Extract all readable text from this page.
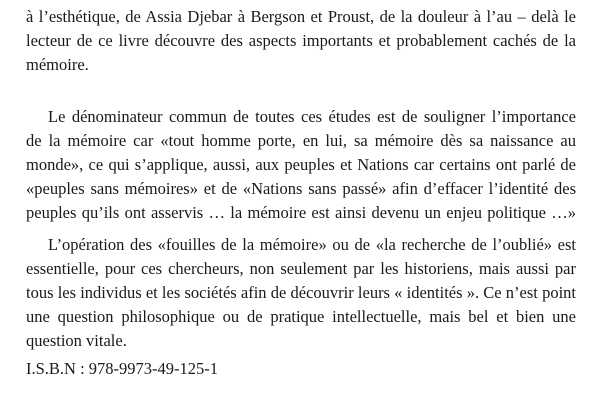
à l’esthétique, de Assia Djebar à Bergson et Proust, de la douleur à l’au – delà le
lecteur de ce livre découvre des aspects importants et probablement cachés de la
mémoire.
Le dénominateur commun de toutes ces études est de souligner l’importance
de la mémoire car «tout homme porte, en lui, sa mémoire dès sa naissance au
monde», ce qui s’applique, aussi, aux peuples et Nations car certains ont parlé de
«peuples sans mémoires» et de «Nations sans passé» afin d’effacer l’identité des
peuples qu’ils ont asservis … la mémoire est ainsi devenu un enjeu politique …»
L’opération des «fouilles de la mémoire» ou de «la recherche de l’oublié» est
essentielle, pour ces chercheurs, non seulement par les historiens, mais aussi par
tous les individus et les sociétés afin de découvrir leurs « identités ». Ce n’est point
une question philosophique ou de pratique intellectuelle, mais bel et bien une
question vitale.
I.S.B.N : 978-9973-49-125-1
